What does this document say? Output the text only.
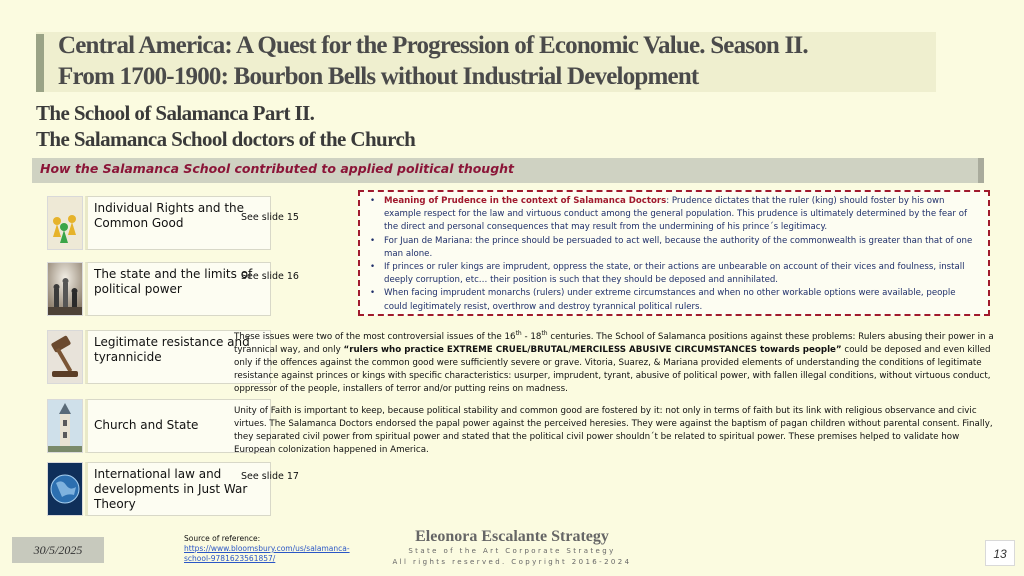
Central America: A Quest for the Progression of Economic Value. Season II.
From 1700-1900: Bourbon Bells without Industrial Development
The School of Salamanca Part II.
The Salamanca School doctors of the Church
How the Salamanca School contributed to applied political thought
Individual Rights and the Common Good	See slide 15
The state and the limits of political power
See slide 16
Legitimate resistance and tyrannicide
Church and State
International law and developments in Just War Theory
See slide 17
• Meaning of Prudence in the context of Salamanca Doctors: Prudence dictates that the ruler (king) should foster by his own example respect for the law and virtuous conduct among the general population. This prudence is ultimately determined by the fear of the direct and personal consequences that may result from the undermining of his prince´s legitimacy.
• For Juan de Mariana: the prince should be persuaded to act well, because the authority of the commonwealth is greater than that of one man alone.
• If princes or ruler kings are imprudent, oppress the state, or their actions are unbearable on account of their vices and foulness, install deeply corruption, etc… their position is such that they should be deposed and annihilated.
• When facing imprudent monarchs (rulers) under extreme circumstances and when no other workable options were available, people could legitimately resist, overthrow and destroy tyrannical political rulers.
These issues were two of the most controversial issues of the 16th - 18th centuries. The School of Salamanca positions against these problems: Rulers abusing their power in a tyrannical way, and only “rulers who practice EXTREME CRUEL/BRUTAL/MERCILESS ABUSIVE CIRCUMSTANCES towards people” could be deposed and even killed only if the offences against the common good were sufficiently severe or grave. Vitoria, Suarez, & Mariana provided elements of understanding the conditions of legitimate resistance against princes or kings with specific characteristics: usurper, imprudent, tyrant, abusive of political power, with fallen illegal conditions, without virtuous conduct, oppressor of the people, installers of terror and/or putting reins on madness.
Unity of Faith is important to keep, because political stability and common good are fostered by it: not only in terms of faith but its link with religious observance and civic virtues. The Salamanca Doctors endorsed the papal power against the perceived heresies. They were against the baptism of pagan children without parental consent. Finally, they separated civil power from spiritual power and stated that the political civil power shouldn´t be related to spiritual power. These premises helped to validate how European colonization happened in America.
30/5/2025
Source of reference:
https://www.bloomsbury.com/us/salamanca-school-9781623561857/
Eleonora Escalante Strategy
State of the Art Corporate Strategy
All rights reserved. Copyright 2016-2024
13
